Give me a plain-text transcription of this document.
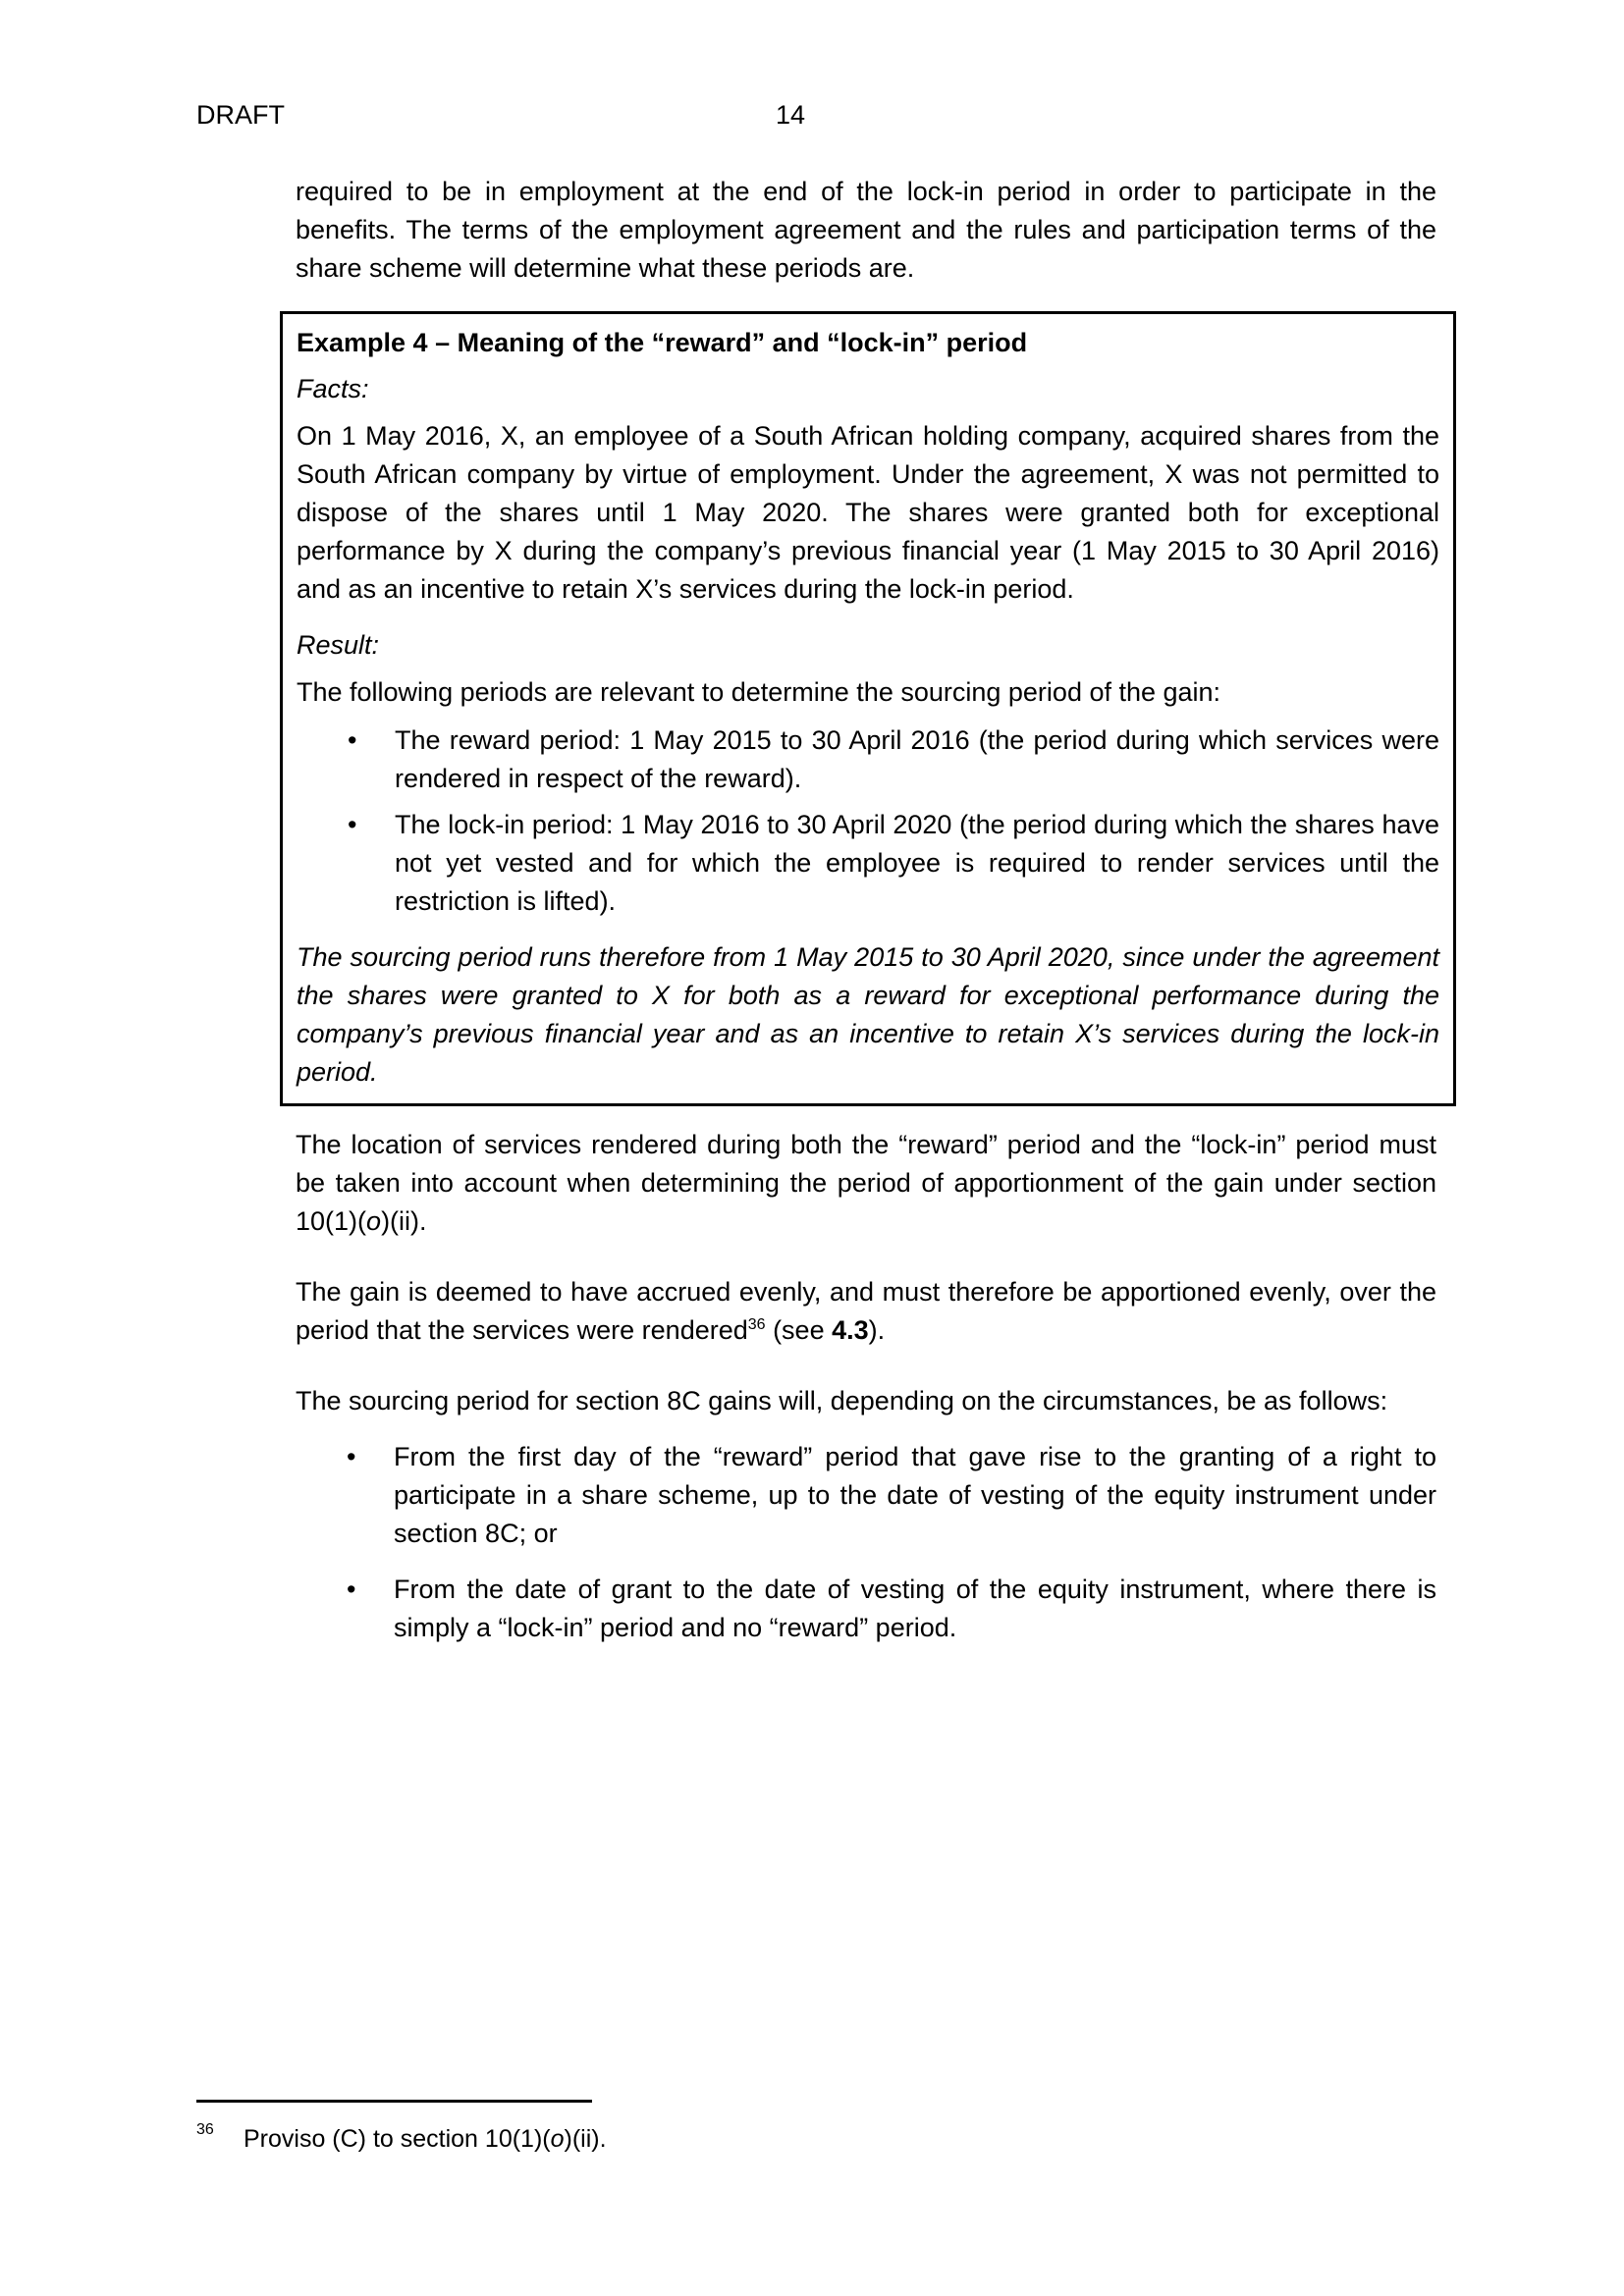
DRAFT	14

required to be in employment at the end of the lock-in period in order to participate in the benefits. The terms of the employment agreement and the rules and participation terms of the share scheme will determine what these periods are.

Example 4 – Meaning of the “reward” and “lock-in” period
Facts:

On 1 May 2016, X, an employee of a South African holding company, acquired shares from the South African company by virtue of employment. Under the agreement, X was not permitted to dispose of the shares until 1 May 2020. The shares were granted both for exceptional performance by X during the company’s previous financial year (1 May 2015 to 30 April 2016) and as an incentive to retain X’s services during the lock-in period.

Result:

The following periods are relevant to determine the sourcing period of the gain:

• The reward period: 1 May 2015 to 30 April 2016 (the period during which services were rendered in respect of the reward).
• The lock-in period: 1 May 2016 to 30 April 2020 (the period during which the shares have not yet vested and for which the employee is required to render services until the restriction is lifted).

The sourcing period runs therefore from 1 May 2015 to 30 April 2020, since under the agreement the shares were granted to X for both as a reward for exceptional performance during the company’s previous financial year and as an incentive to retain X’s services during the lock-in period.

The location of services rendered during both the “reward” period and the “lock-in” period must be taken into account when determining the period of apportionment of the gain under section 10(1)(o)(ii).

The gain is deemed to have accrued evenly, and must therefore be apportioned evenly, over the period that the services were rendered$^{36}$ (see 4.3).

The sourcing period for section 8C gains will, depending on the circumstances, be as follows:

• From the first day of the “reward” period that gave rise to the granting of a right to participate in a share scheme, up to the date of vesting of the equity instrument under section 8C; or
• From the date of grant to the date of vesting of the equity instrument, where there is simply a “lock-in” period and no “reward” period.
36 Proviso (C) to section 10(1)(o)(ii).
